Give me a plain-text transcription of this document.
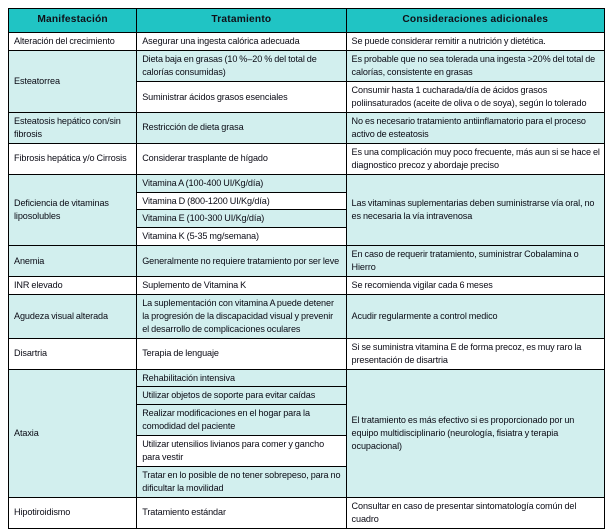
Manifestación	Tratamiento	Consideraciones adicionales
Alteración del crecimiento	Asegurar una ingesta calórica adecuada	Se puede considerar remitir a nutrición y dietética.
Esteatorrea	Dieta baja en grasas (10 %–20 % del total de calorías consumidas)	Es probable que no sea tolerada una ingesta >20% del total de calorías, consistente en grasas
	Suministrar ácidos grasos esenciales	Consumir hasta 1 cucharada/día de ácidos grasos poliinsaturados (aceite de oliva o de soya), según lo tolerado
Esteatosis hepático con/sin fibrosis	Restricción de dieta grasa	No es necesario tratamiento antiinflamatorio para el proceso activo de esteatosis
Fibrosis hepática y/o Cirrosis	Considerar trasplante de hígado	Es una complicación muy poco frecuente, más aun si se hace el diagnostico precoz y abordaje preciso
Deficiencia de vitaminas liposolubles	Vitamina A (100-400 UI/Kg/día)	Las vitaminas suplementarias deben suministrarse vía oral, no es necesaria la vía intravenosa
	Vitamina D (800-1200 UI/Kg/día)	
	Vitamina E (100-300 UI/Kg/día)	
	Vitamina K (5-35 mg/semana)	
Anemia	Generalmente no requiere tratamiento por ser leve	En caso de requerir tratamiento, suministrar Cobalamina o Hierro
INR elevado	Suplemento de Vitamina K	Se recomienda vigilar cada 6 meses
Agudeza visual alterada	La suplementación con vitamina A puede detener la progresión de la discapacidad visual y prevenir el desarrollo de complicaciones oculares	Acudir regularmente a control medico
Disartria	Terapia de lenguaje	Si se suministra vitamina E de forma precoz, es muy raro la presentación de disartria
Ataxia	Rehabilitación intensiva	El tratamiento es más efectivo si es proporcionado por un equipo multidisciplinario (neurología, fisiatra y terapia ocupacional)
	Utilizar objetos de soporte para evitar caídas	
	Realizar modificaciones en el hogar para la comodidad del paciente	
	Utilizar utensilios livianos para comer y gancho para vestir	
	Tratar en lo posible de no tener sobrepeso, para no dificultar la movilidad	
Hipotiroidismo	Tratamiento estándar	Consultar en caso de presentar sintomatología común del cuadro
